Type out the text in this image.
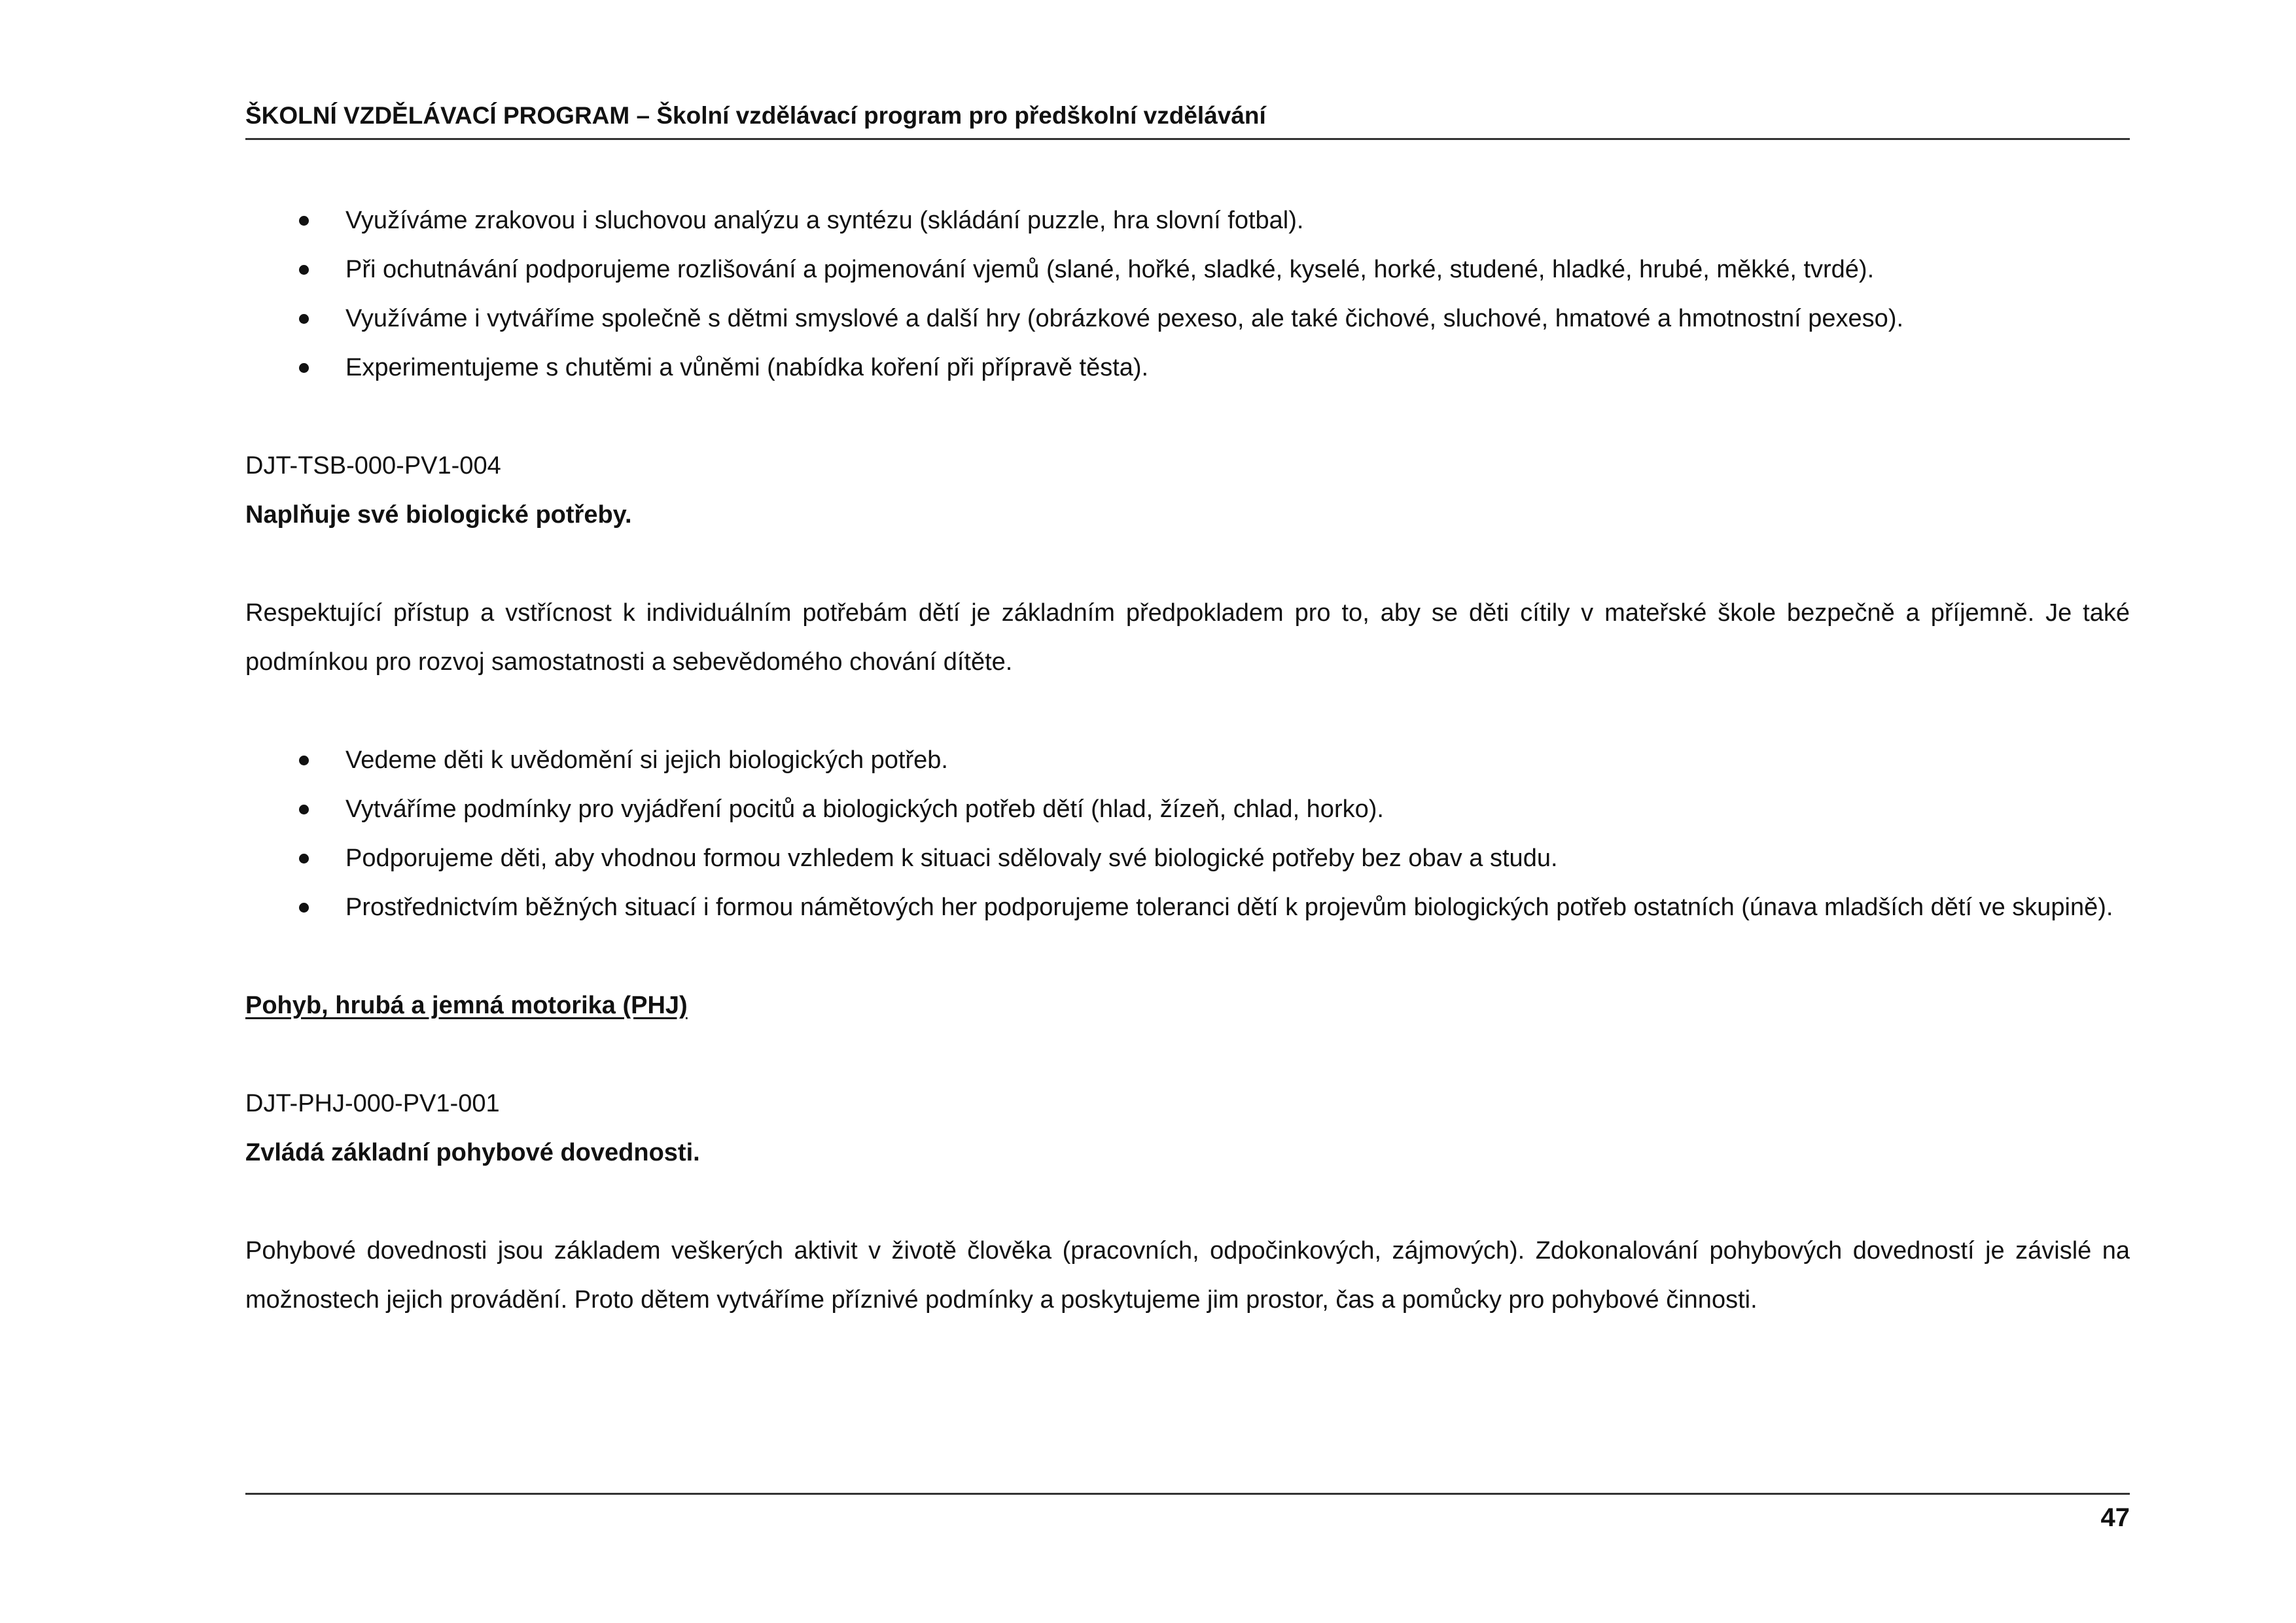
ŠKOLNÍ VZDĚLÁVACÍ PROGRAM – Školní vzdělávací program pro předškolní vzdělávání
Využíváme zrakovou i sluchovou analýzu a syntézu (skládání puzzle, hra slovní fotbal).
Při ochutnávání podporujeme rozlišování a pojmenování vjemů (slané, hořké, sladké, kyselé, horké, studené, hladké, hrubé, měkké, tvrdé).
Využíváme i vytváříme společně s dětmi smyslové a další hry (obrázkové pexeso, ale také čichové, sluchové, hmatové a hmotnostní pexeso).
Experimentujeme s chutěmi a vůněmi (nabídka koření při přípravě těsta).

DJT-TSB-000-PV1-004

Naplňuje své biologické potřeby.

Respektující přístup a vstřícnost k individuálním potřebám dětí je základním předpokladem pro to, aby se děti cítily v mateřské škole bezpečně a příjemně. Je také podmínkou pro rozvoj samostatnosti a sebevědomého chování dítěte.

Vedeme děti k uvědomění si jejich biologických potřeb.
Vytváříme podmínky pro vyjádření pocitů a biologických potřeb dětí (hlad, žízeň, chlad, horko).
Podporujeme děti, aby vhodnou formou vzhledem k situaci sdělovaly své biologické potřeby bez obav a studu.
Prostřednictvím běžných situací i formou námětových her podporujeme toleranci dětí k projevům biologických potřeb ostatních (únava mladších dětí ve skupině).

Pohyb, hrubá a jemná motorika (PHJ)

DJT-PHJ-000-PV1-001

Zvládá základní pohybové dovednosti.

Pohybové dovednosti jsou základem veškerých aktivit v životě člověka (pracovních, odpočinkových, zájmových). Zdokonalování pohybových dovedností je závislé na možnostech jejich provádění. Proto dětem vytváříme příznivé podmínky a poskytujeme jim prostor, čas a pomůcky pro pohybové činnosti.

47
